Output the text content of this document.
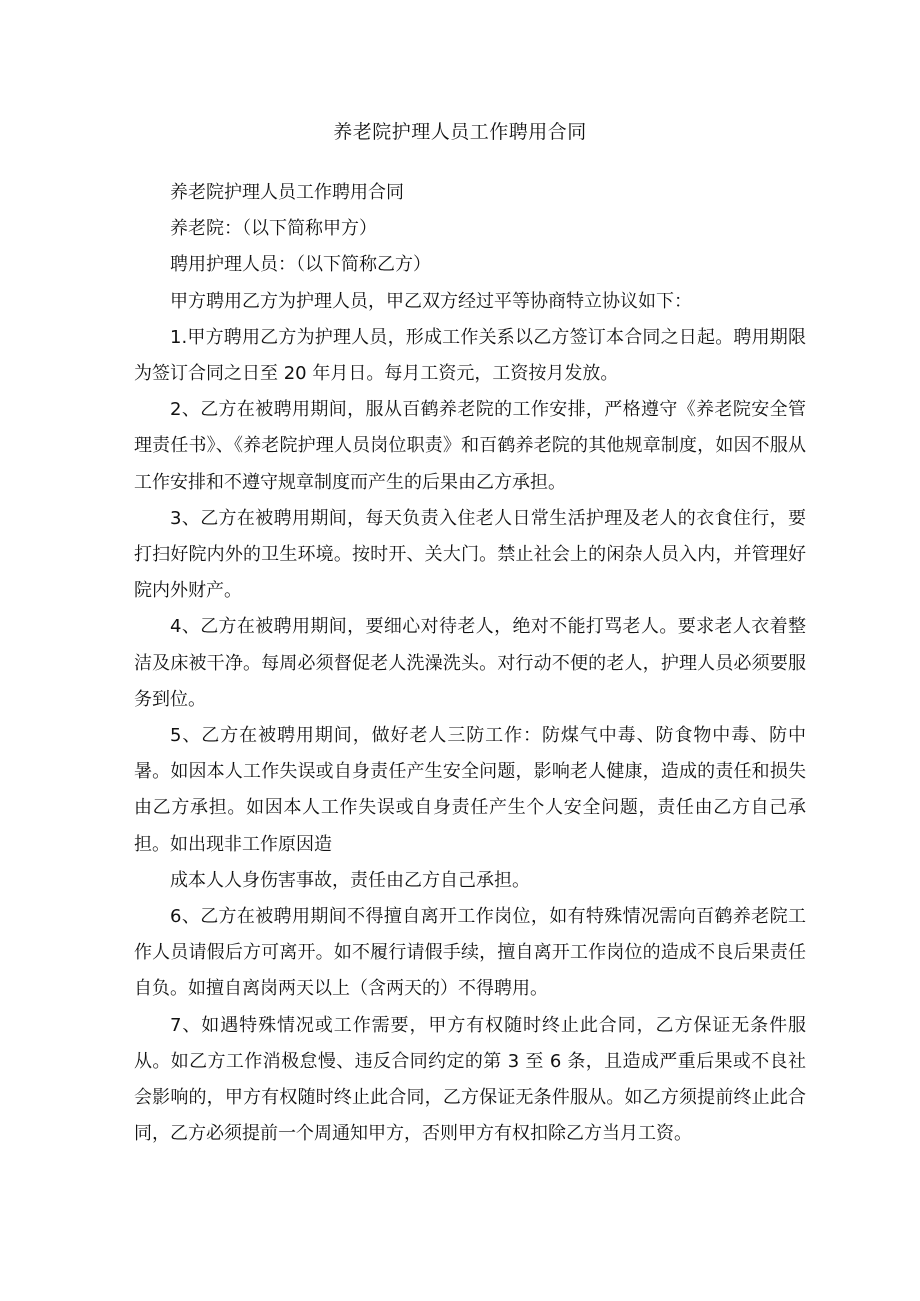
养老院护理人员工作聘用合同

养老院护理人员工作聘用合同

养老院：（以下简称甲方）

聘用护理人员：（以下简称乙方）

甲方聘用乙方为护理人员，甲乙双方经过平等协商特立协议如下：

1.甲方聘用乙方为护理人员，形成工作关系以乙方签订本合同之日起。聘用期限为签订合同之日至 20 年月日。每月工资元，工资按月发放。

2、乙方在被聘用期间，服从百鹤养老院的工作安排，严格遵守《养老院安全管理责任书》、《养老院护理人员岗位职责》和百鹤养老院的其他规章制度，如因不服从工作安排和不遵守规章制度而产生的后果由乙方承担。

3、乙方在被聘用期间，每天负责入住老人日常生活护理及老人的衣食住行，要打扫好院内外的卫生环境。按时开、关大门。禁止社会上的闲杂人员入内，并管理好院内外财产。

4、乙方在被聘用期间，要细心对待老人，绝对不能打骂老人。要求老人衣着整洁及床被干净。每周必须督促老人洗澡洗头。对行动不便的老人，护理人员必须要服务到位。

5、乙方在被聘用期间，做好老人三防工作：防煤气中毒、防食物中毒、防中暑。如因本人工作失误或自身责任产生安全问题，影响老人健康，造成的责任和损失由乙方承担。如因本人工作失误或自身责任产生个人安全问题，责任由乙方自己承担。如出现非工作原因造

成本人人身伤害事故，责任由乙方自己承担。

6、乙方在被聘用期间不得擅自离开工作岗位，如有特殊情况需向百鹤养老院工作人员请假后方可离开。如不履行请假手续，擅自离开工作岗位的造成不良后果责任自负。如擅自离岗两天以上（含两天的）不得聘用。

7、如遇特殊情况或工作需要，甲方有权随时终止此合同，乙方保证无条件服从。如乙方工作消极怠慢、违反合同约定的第 3 至 6 条，且造成严重后果或不良社会影响的，甲方有权随时终止此合同，乙方保证无条件服从。如乙方须提前终止此合同，乙方必须提前一个周通知甲方，否则甲方有权扣除乙方当月工资。
